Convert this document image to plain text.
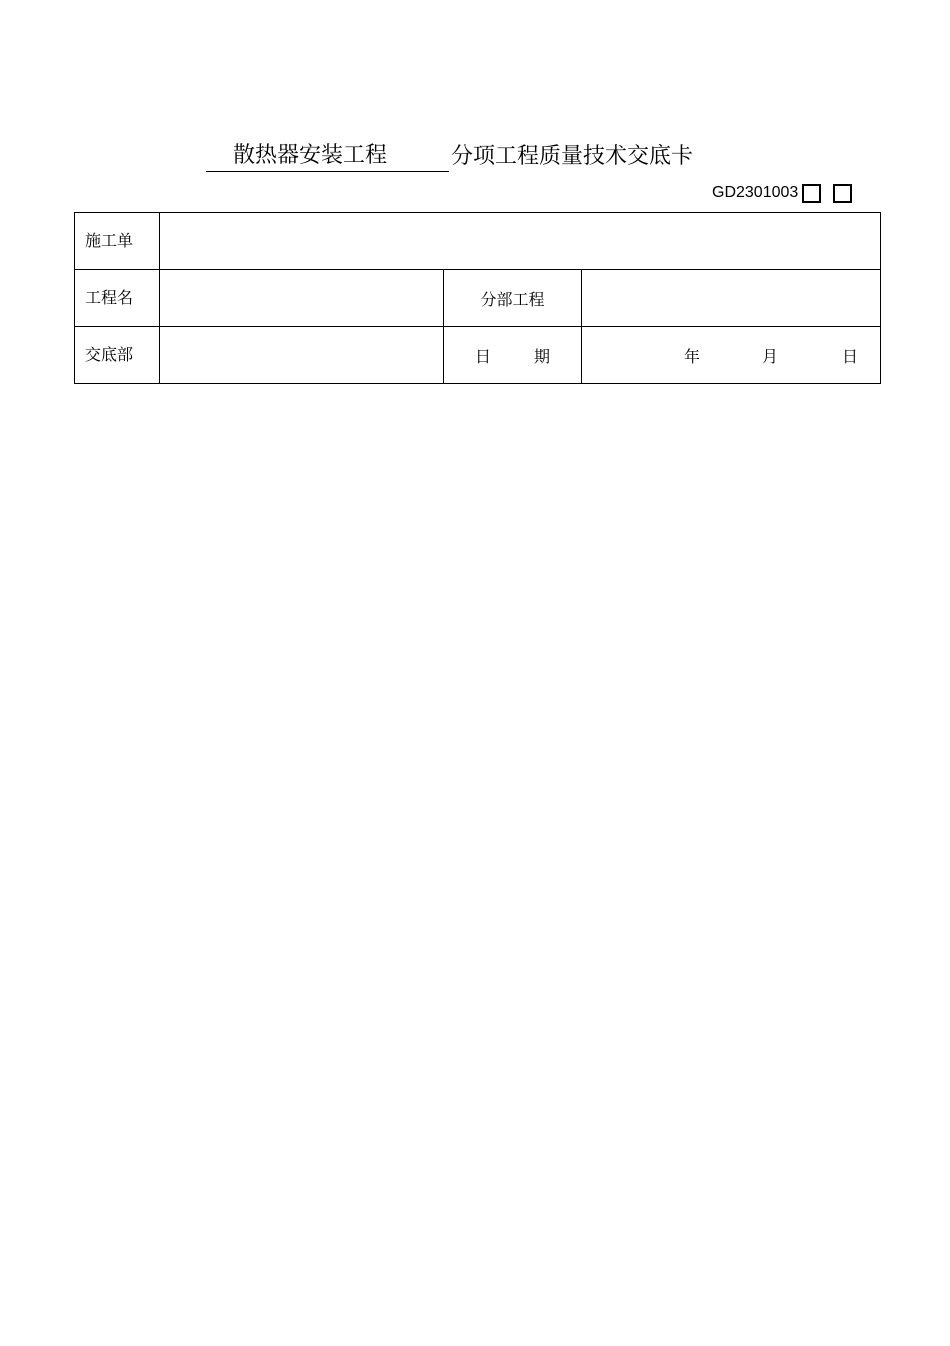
散热器安装工程	分项工程质量技术交底卡
GD2301003
施工单			
工程名		分部工程	
交底部		日 期	年 月 日
